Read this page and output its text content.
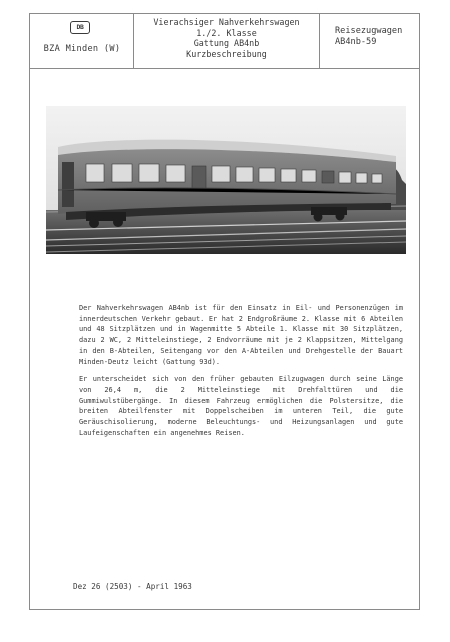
DB
BZA Minden (W)
Vierachsiger Nahverkehrswagen
1./2. Klasse
Gattung AB4nb
Kurzbeschreibung
Reisezugwagen
AB4nb-59

Der Nahverkehrswagen AB4nb ist für den Einsatz in Eil- und Personenzügen im innerdeutschen Verkehr gebaut. Er hat 2 Endgroßräume 2. Klasse mit 6 Abteilen und 48 Sitzplätzen und in Wagenmitte 5 Abteile 1. Klasse mit 30 Sitzplätzen, dazu 2 WC, 2 Mitteleinstiege, 2 Endvorräume mit je 2 Klappsitzen, Mittelgang in den B-Abteilen, Seitengang vor den A-Abteilen und Drehgestelle der Bauart Minden-Deutz leicht (Gattung 93d).

Er unterscheidet sich von den früher gebauten Eilzugwagen durch seine Länge von 26,4 m, die 2 Mitteleinstiege mit Drehfalttüren und die Gummiwulstübergänge. In diesem Fahrzeug ermöglichen die Polstersitze, die breiten Abteilfenster mit Doppelscheiben im unteren Teil, die gute Geräuschisolierung, moderne Beleuchtungs- und Heizungsanlagen und gute Laufeigenschaften ein angenehmes Reisen.

Dez 26 (2503) - April 1963
